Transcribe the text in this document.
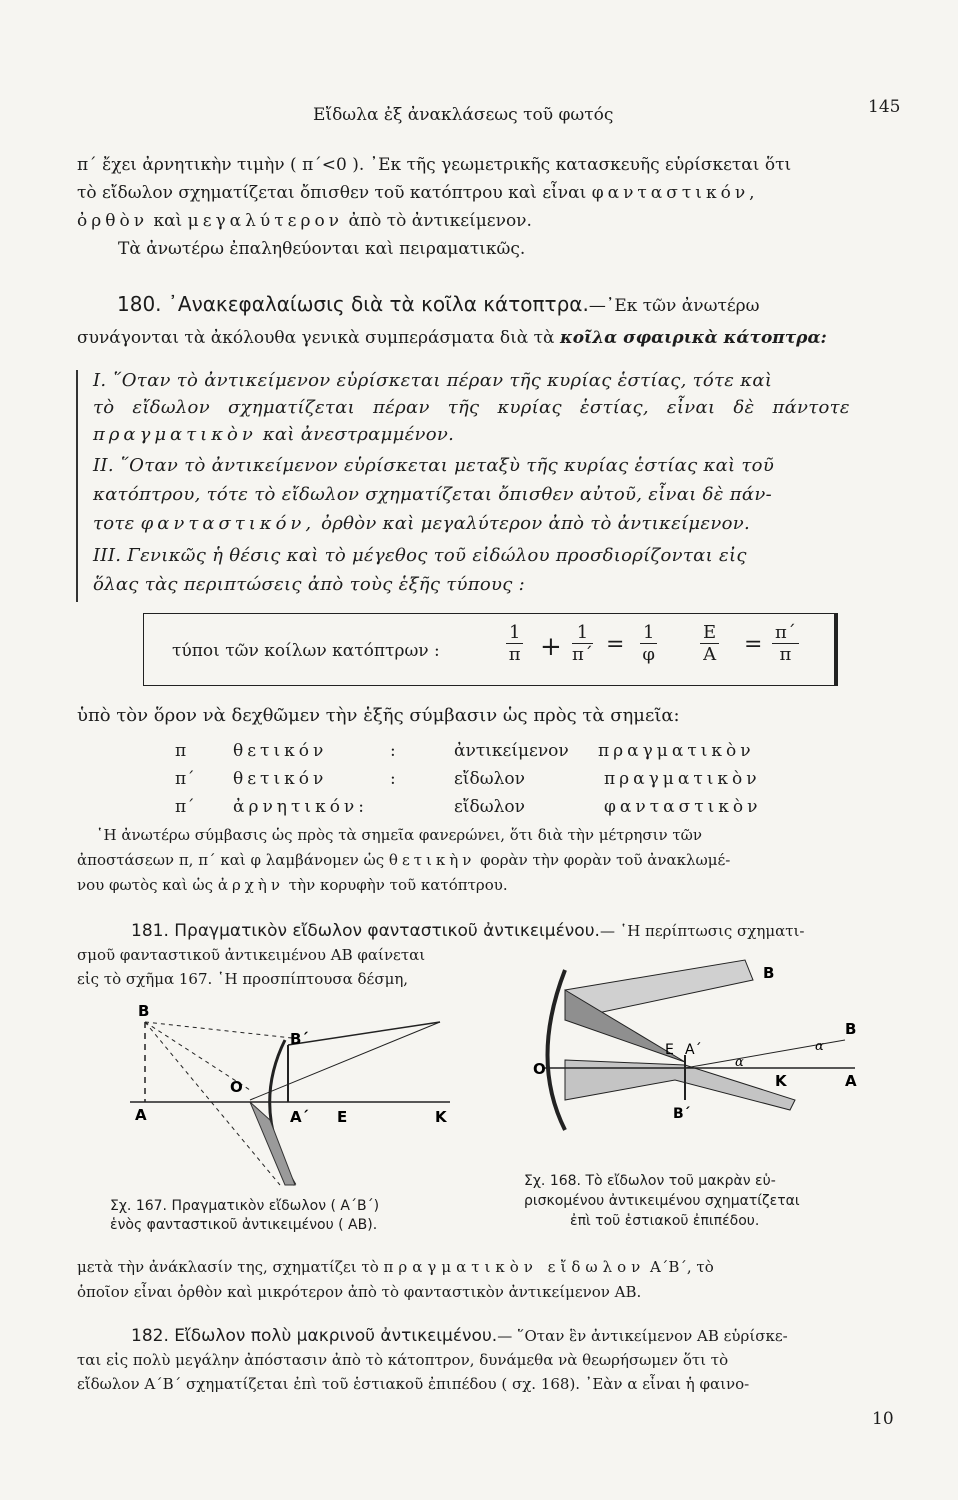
Εἴδωλα ἐξ ἀνακλάσεως τοῦ φωτός	145
π΄ ἔχει ἀρνητικὴν τιμὴν ( π΄<0 ). ᾿Εκ τῆς γεωμετρικῆς κατασκευῆς εὑρίσκεται ὅτι
τὸ εἴδωλον σχηματίζεται ὄπισθεν τοῦ κατόπτρου καὶ εἶναι φανταστικόν,
ὀρθὸν καὶ μεγαλύτερον ἀπὸ τὸ ἀντικείμενον.
Τὰ ἀνωτέρω ἐπαληθεύονται καὶ πειραματικῶς.
180. ᾿Ανακεφαλαίωσις διὰ τὰ κοῖλα κάτοπτρα.—᾿Εκ τῶν ἀνωτέρω
συνάγονται τὰ ἀκόλουθα γενικὰ συμπεράσματα διὰ τὰ κοῖλα σφαιρικὰ κάτοπτρα:
I. ῞Οταν τὸ ἀντικείμενον εὑρίσκεται πέραν τῆς κυρίας ἑστίας, τότε καὶ
τὸ εἴδωλον σχηματίζεται πέραν τῆς κυρίας ἑστίας, εἶναι δὲ πάντοτε
πραγματικὸν καὶ ἀνεστραμμένον.
II. ῞Οταν τὸ ἀντικείμενον εὑρίσκεται μεταξὺ τῆς κυρίας ἑστίας καὶ τοῦ
κατόπτρου, τότε τὸ εἴδωλον σχηματίζεται ὄπισθεν αὐτοῦ, εἶναι δὲ πάν-
τοτε φανταστικόν, ὀρθὸν καὶ μεγαλύτερον ἀπὸ τὸ ἀντικείμενον.
III. Γενικῶς ἡ θέσις καὶ τὸ μέγεθος τοῦ εἰδώλου προσδιορίζονται εἰς
ὅλας τὰς περιπτώσεις ἀπὸ τοὺς ἑξῆς τύπους :
τύποι τῶν κοίλων κατόπτρων :	$\frac{1}{\pi} + \frac{1}{\pi΄} = \frac{1}{\varphi} \frac{E}{A} = \frac{\pi΄}{\pi}$
ὑπὸ τὸν ὅρον νὰ δεχθῶμεν τὴν ἑξῆς σύμβασιν ὡς πρὸς τὰ σημεῖα:
π	θετικόν	:	ἀντικείμενον πραγματικὸν
π΄ θετικόν	:	εἴδωλον	πραγματικὸν
π΄ ἀρνητικόν:	εἴδωλον	φανταστικὸν
῾Η ἀνωτέρω σύμβασις ὡς πρὸς τὰ σημεῖα φανερώνει, ὅτι διὰ τὴν μέτρησιν τῶν
ἀποστάσεων π, π΄ καὶ φ λαμβάνομεν ὡς θετικὴν φορὰν τὴν φορὰν τοῦ ἀνακλωμέ-
νου φωτὸς καὶ ὡς ἀρχὴν τὴν κορυφὴν τοῦ κατόπτρου.
181. Πραγματικὸν εἴδωλον φανταστικοῦ ἀντικειμένου.— ῾Η περίπτωσις σχηματι-
σμοῦ φανταστικοῦ ἀντικειμένου ΑΒ φαίνεται
εἰς τὸ σχῆμα 167. ῾Η προσπίπτουσα δέσμη,
Β
Β΄
Ο
Α	Α΄ Ε	Κ
Σχ. 167. Πραγματικὸν εἴδωλον ( Α΄Β΄)
ἑνὸς φανταστικοῦ ἀντικειμένου ( ΑΒ).
Β
Ο
Ε Α΄
α
α
Κ	Α
Β
Β΄
Σχ. 168. Τὸ εἴδωλον τοῦ μακρὰν εὑ-
ρισκομένου ἀντικειμένου σχηματίζεται
ἐπὶ τοῦ ἑστιακοῦ ἐπιπέδου.
μετὰ τὴν ἀνάκλασίν της, σχηματίζει τὸ πραγματικὸν εἴδωλον Α΄Β΄, τὸ
ὁποῖον εἶναι ὀρθὸν καὶ μικρότερον ἀπὸ τὸ φανταστικὸν ἀντικείμενον ΑΒ.
182. Εἴδωλον πολὺ μακρινοῦ ἀντικειμένου.— ῞Οταν ἓν ἀντικείμενον ΑΒ εὑρίσκε-
ται εἰς πολὺ μεγάλην ἀπόστασιν ἀπὸ τὸ κάτοπτρον, δυνάμεθα νὰ θεωρήσωμεν ὅτι τὸ
εἴδωλον Α΄Β΄ σχηματίζεται ἐπὶ τοῦ ἑστιακοῦ ἐπιπέδου ( σχ. 168). ᾿Εὰν α εἶναι ἡ φαινο-
10
